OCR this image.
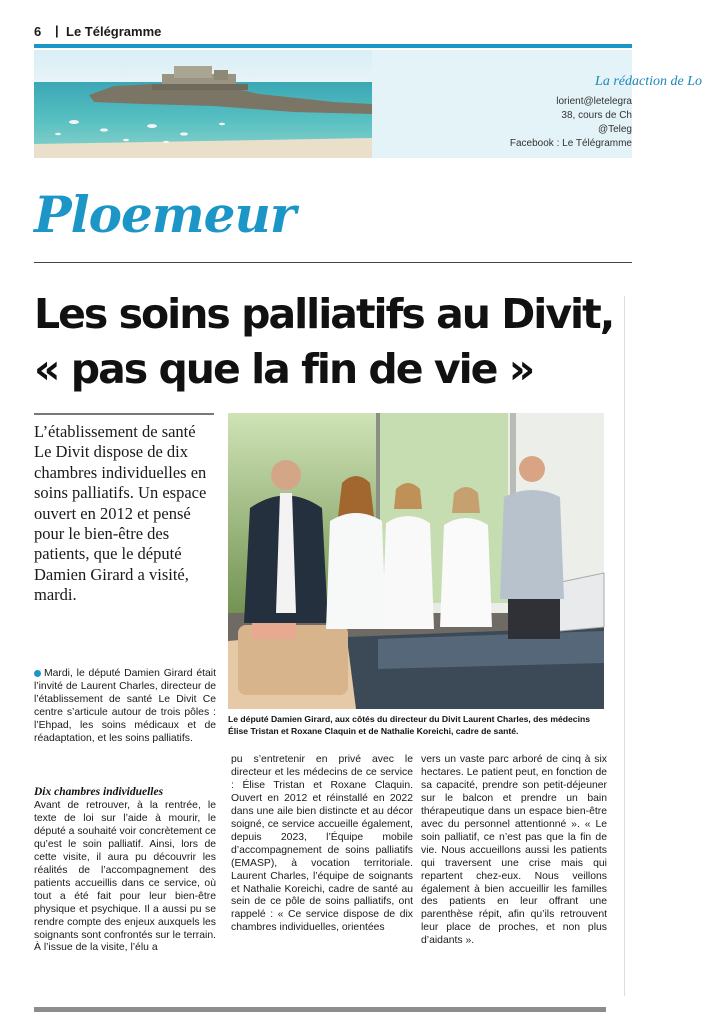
6 | Le Télégramme
La rédaction de Lo
lorient@letelegra
38, cours de Ch
@Teleg
Facebook : Le Télégramme
Ploemeur
Les soins palliatifs au Divit,
« pas que la fin de vie »
L’établissement de santé Le Divit dispose de dix chambres individuelles en soins palliatifs. Un espace ouvert en 2012 et pensé pour le bien-être des patients, que le député Damien Girard a visité, mardi.
Le député Damien Girard, aux côtés du directeur du Divit Laurent Charles, des médecins Élise Tristan et Roxane Claquin et de Nathalie Koreichi, cadre de santé.
Mardi, le député Damien Girard était l’invité de Laurent Charles, directeur de l’établissement de santé Le Divit Ce centre s’articule autour de trois pôles : l’Ehpad, les soins médicaux et de réadaptation, et les soins palliatifs.
Dix chambres individuelles
Avant de retrouver, à la rentrée, le texte de loi sur l’aide à mourir, le député a souhaité voir concrètement ce qu’est le soin palliatif. Ainsi, lors de cette visite, il aura pu découvrir les réalités de l’accompagnement des patients accueillis dans ce service, où tout a été fait pour leur bien-être physique et psychique. Il a aussi pu se rendre compte des enjeux auxquels les soignants sont confrontés sur le terrain. À l’issue de la visite, l’élu a
pu s’entretenir en privé avec le directeur et les médecins de ce service : Élise Tristan et Roxane Claquin. Ouvert en 2012 et réinstallé en 2022 dans une aile bien distincte et au décor soigné, ce service accueille également, depuis 2023, l’Équipe mobile d’accompagnement de soins palliatifs (EMASP), à vocation territoriale. Laurent Charles, l’équipe de soignants et Nathalie Koreichi, cadre de santé au sein de ce pôle de soins palliatifs, ont rappelé : « Ce service dispose de dix chambres individuelles, orientées
vers un vaste parc arboré de cinq à six hectares. Le patient peut, en fonction de sa capacité, prendre son petit-déjeuner sur le balcon et prendre un bain thérapeutique dans un espace bien-être avec du personnel attentionné ». « Le soin palliatif, ce n’est pas que la fin de vie. Nous accueillons aussi les patients qui traversent une crise mais qui repartent chez-eux. Nous veillons également à bien accueillir les familles des patients en leur offrant une parenthèse répit, afin qu’ils retrouvent leur place de proches, et non plus d’aidants ».
